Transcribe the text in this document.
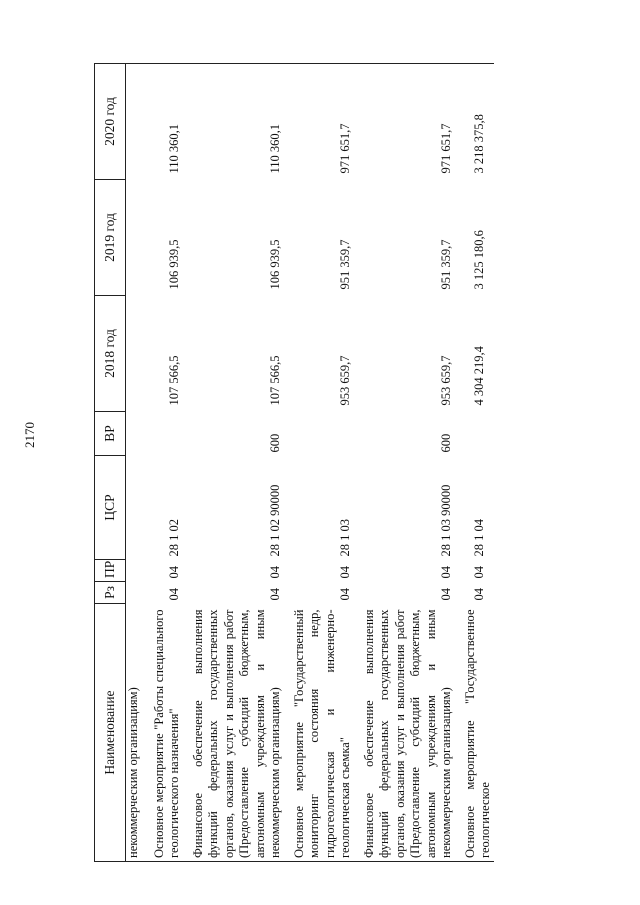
2170
Наименование	Рз	ПР	ЦСР	ВР	2018 год	2019 год	2020 год
некоммерческим организациям)							
Основное мероприятие "Работы специального геологического назначения"	04	04	28 1 02		107 566,5	106 939,5	110 360,1
Финансовое обеспечение выполнения функций федеральных государственных органов, оказания услуг и выполнения работ (Предоставление субсидий бюджетным, автономным учреждениям и иным некоммерческим организациям)	04	04	28 1 02 90000	600	107 566,5	106 939,5	110 360,1
Основное мероприятие "Государственный мониторинг состояния недр, гидрогеологическая и инженерно-геологическая съемка"	04	04	28 1 03		953 659,7	951 359,7	971 651,7
Финансовое обеспечение выполнения функций федеральных государственных органов, оказания услуг и выполнения работ (Предоставление субсидий бюджетным, автономным учреждениям и иным некоммерческим организациям)	04	04	28 1 03 90000	600	953 659,7	951 359,7	971 651,7
Основное мероприятие "Государственное геологическое	04	04	28 1 04		4 304 219,4	3 125 180,6	3 218 375,8
